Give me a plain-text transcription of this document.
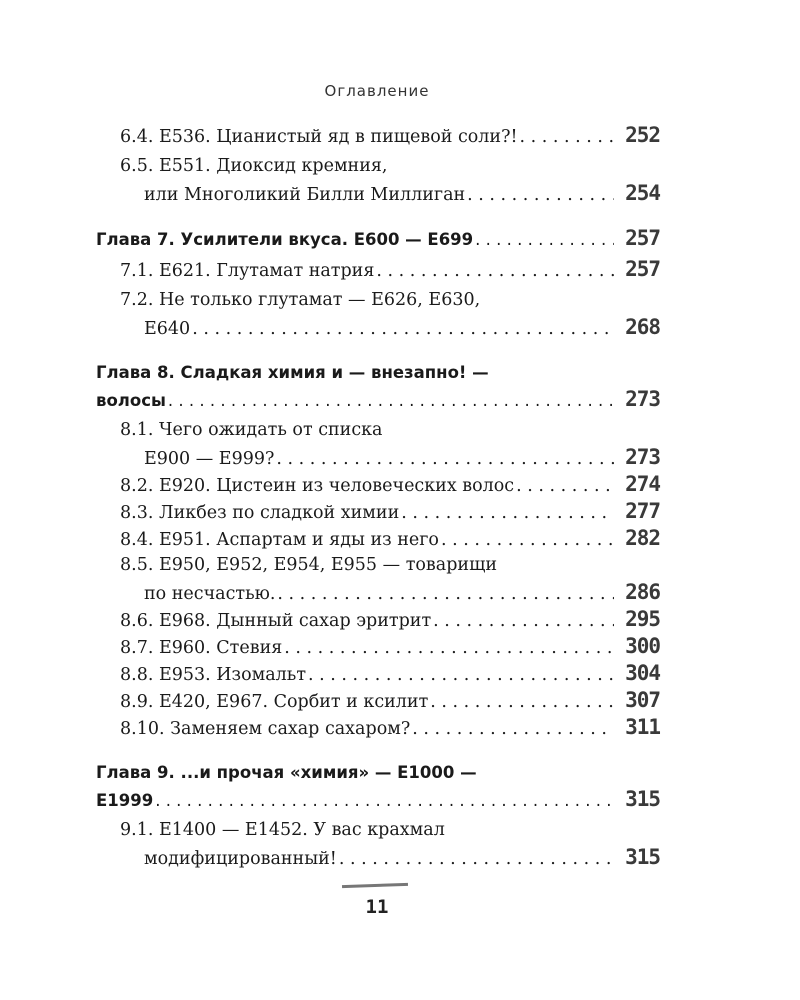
Оглавление
6.4. E536. Цианистый яд в пищевой соли?! . . .	252
6.5. E551. Диоксид кремния,
или Многоликий Билли Миллиган . . .	254
Глава 7. Усилители вкуса. E600 — E699 . . .	257
7.1. E621. Глутамат натрия . . .	257
7.2. Не только глутамат — E626, E630,
E640 . . .	268
Глава 8. Сладкая химия и — внезапно! —
волосы . . .	273
8.1. Чего ожидать от списка
E900 — E999? . . .	273
8.2. E920. Цистеин из человеческих волос . . .	274
8.3. Ликбез по сладкой химии . . .	277
8.4. E951. Аспартам и яды из него . . .	282
8.5. E950, E952, E954, E955 — товарищи
по несчастью. . . .	286
8.6. E968. Дынный сахар эритрит . . .	295
8.7. E960. Стевия . . .	300
8.8. E953. Изомальт . . .	304
8.9. E420, E967. Сорбит и ксилит . . .	307
8.10. Заменяем сахар сахаром? . . .	311
Глава 9. ...и прочая «химия» — E1000 —
E1999 . . .	315
9.1. E1400 — E1452. У вас крахмал
модифицированный! . . .	315
11
